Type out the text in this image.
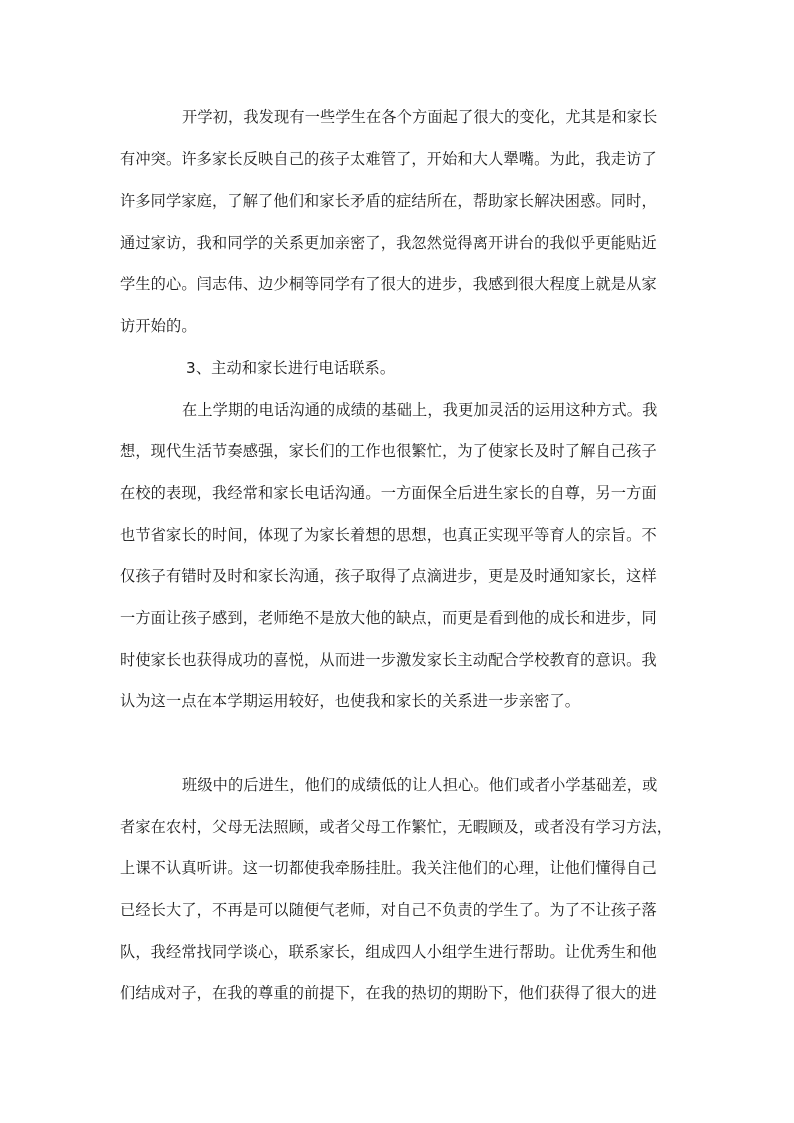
开学初，我发现有一些学生在各个方面起了很大的变化，尤其是和家长
有冲突。许多家长反映自己的孩子太难管了，开始和大人犟嘴。为此，我走访了
许多同学家庭，了解了他们和家长矛盾的症结所在，帮助家长解决困惑。同时，
通过家访，我和同学的关系更加亲密了，我忽然觉得离开讲台的我似乎更能贴近
学生的心。闫志伟、边少桐等同学有了很大的进步，我感到很大程度上就是从家
访开始的。
3、主动和家长进行电话联系。
在上学期的电话沟通的成绩的基础上，我更加灵活的运用这种方式。我
想，现代生活节奏感强，家长们的工作也很繁忙，为了使家长及时了解自己孩子
在校的表现，我经常和家长电话沟通。一方面保全后进生家长的自尊，另一方面
也节省家长的时间，体现了为家长着想的思想，也真正实现平等育人的宗旨。不
仅孩子有错时及时和家长沟通，孩子取得了点滴进步，更是及时通知家长，这样
一方面让孩子感到，老师绝不是放大他的缺点，而更是看到他的成长和进步，同
时使家长也获得成功的喜悦，从而进一步激发家长主动配合学校教育的意识。我
认为这一点在本学期运用较好，也使我和家长的关系进一步亲密了。
班级中的后进生，他们的成绩低的让人担心。他们或者小学基础差，或
者家在农村，父母无法照顾，或者父母工作繁忙，无暇顾及，或者没有学习方法，
上课不认真听讲。这一切都使我牵肠挂肚。我关注他们的心理，让他们懂得自己
已经长大了，不再是可以随便气老师，对自己不负责的学生了。为了不让孩子落
队，我经常找同学谈心，联系家长，组成四人小组学生进行帮助。让优秀生和他
们结成对子，在我的尊重的前提下，在我的热切的期盼下，他们获得了很大的进
